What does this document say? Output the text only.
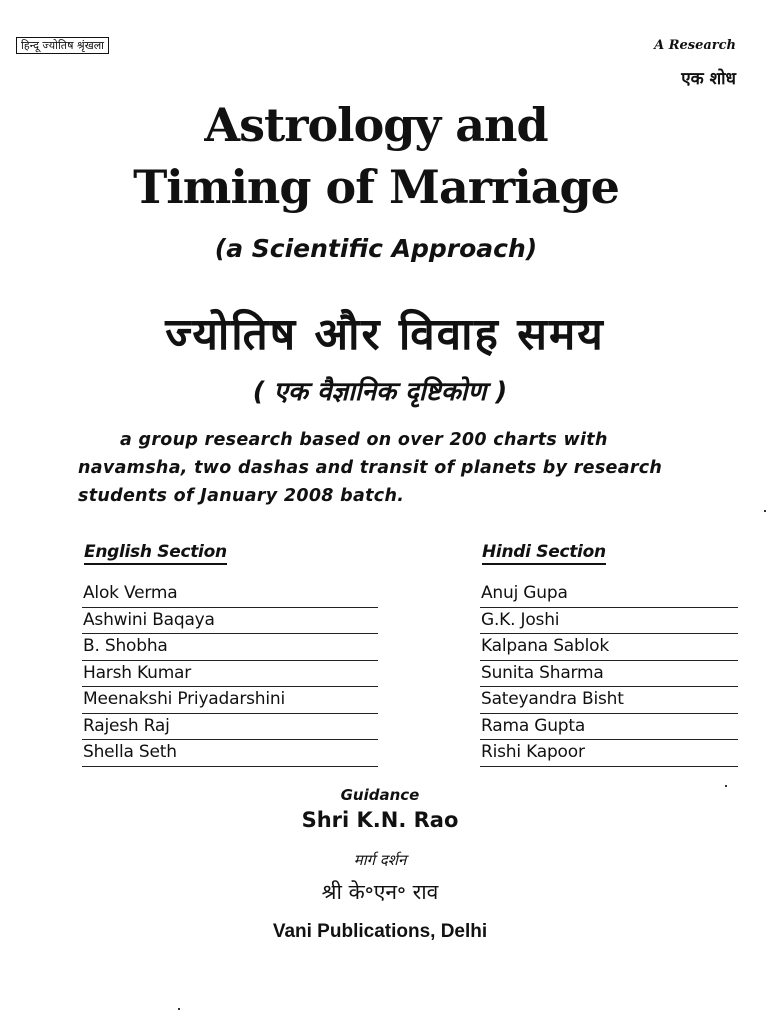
हिन्दू ज्योतिष श्रृंखला	A Research
एक शोध
Astrology and
Timing of Marriage
(a Scientific Approach)
ज्योतिष और विवाह समय
( एक वैज्ञानिक दृष्टिकोण )

a group research based on over 200 charts with navamsha, two dashas and transit of planets by research students of January 2008 batch.

English Section
Alok Verma
Ashwini Baqaya
B. Shobha
Harsh Kumar
Meenakshi Priyadarshini
Rajesh Raj
Shella Seth
Hindi Section
Anuj Gupa
G.K. Joshi
Kalpana Sablok
Sunita Sharma
Sateyandra Bisht
Rama Gupta
Rishi Kapoor
Guidance
Shri K.N. Rao
मार्ग दर्शन
श्री के॰एन॰ राव
Vani Publications, Delhi
